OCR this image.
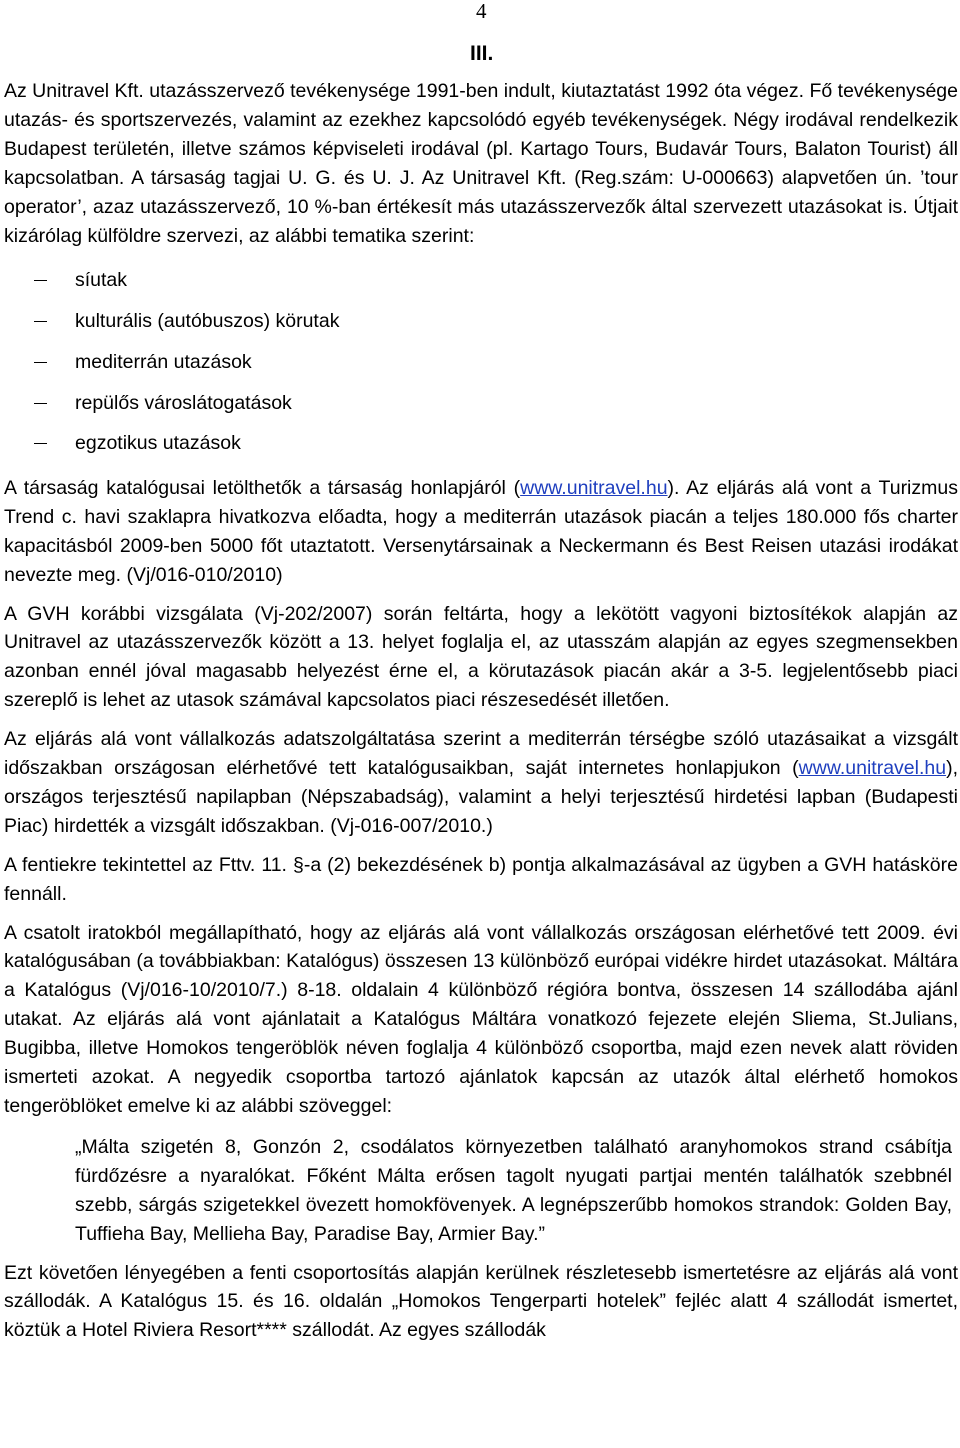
4
III.

Az Unitravel Kft. utazásszervező tevékenysége 1991-ben indult, kiutaztatást 1992 óta végez. Fő tevékenysége utazás- és sportszervezés, valamint az ezekhez kapcsolódó egyéb tevékenységek. Négy irodával rendelkezik Budapest területén, illetve számos képviseleti irodával (pl. Kartago Tours, Budavár Tours, Balaton Tourist) áll kapcsolatban. A társaság tagjai U. G. és U. J. Az Unitravel Kft. (Reg.szám: U-000663) alapvetően ún. ’tour operator’, azaz utazásszervező, 10 %-ban értékesít más utazásszervezők által szervezett utazásokat is. Útjait kizárólag külföldre szervezi, az alábbi tematika szerint:

síutak
kulturális (autóbuszos) körutak
mediterrán utazások
repülős városlátogatások
egzotikus utazások

A társaság katalógusai letölthetők a társaság honlapjáról (www.unitravel.hu). Az eljárás alá vont a Turizmus Trend c. havi szaklapra hivatkozva előadta, hogy a mediterrán utazások piacán a teljes 180.000 fős charter kapacitásból 2009-ben 5000 főt utaztatott. Versenytársainak a Neckermann és Best Reisen utazási irodákat nevezte meg. (Vj/016-010/2010)

A GVH korábbi vizsgálata (Vj-202/2007) során feltárta, hogy a lekötött vagyoni biztosítékok alapján az Unitravel az utazásszervezők között a 13. helyet foglalja el, az utasszám alapján az egyes szegmensekben azonban ennél jóval magasabb helyezést érne el, a körutazások piacán akár a 3-5. legjelentősebb piaci szereplő is lehet az utasok számával kapcsolatos piaci részesedését illetően.

Az eljárás alá vont vállalkozás adatszolgáltatása szerint a mediterrán térségbe szóló utazásaikat a vizsgált időszakban országosan elérhetővé tett katalógusaikban, saját internetes honlapjukon (www.unitravel.hu), országos terjesztésű napilapban (Népszabadság), valamint a helyi terjesztésű hirdetési lapban (Budapesti Piac) hirdették a vizsgált időszakban. (Vj-016-007/2010.)

A fentiekre tekintettel az Fttv. 11. §-a (2) bekezdésének b) pontja alkalmazásával az ügyben a GVH hatásköre fennáll.

A csatolt iratokból megállapítható, hogy az eljárás alá vont vállalkozás országosan elérhetővé tett 2009. évi katalógusában (a továbbiakban: Katalógus) összesen 13 különböző európai vidékre hirdet utazásokat. Máltára a Katalógus (Vj/016-10/2010/7.) 8-18. oldalain 4 különböző régióra bontva, összesen 14 szállodába ajánl utakat. Az eljárás alá vont ajánlatait a Katalógus Máltára vonatkozó fejezete elején Sliema, St.Julians, Bugibba, illetve Homokos tengeröblök néven foglalja 4 különböző csoportba, majd ezen nevek alatt röviden ismerteti azokat. A negyedik csoportba tartozó ajánlatok kapcsán az utazók által elérhető homokos tengeröblöket emelve ki az alábbi szöveggel:

„Málta szigetén 8, Gonzón 2, csodálatos környezetben található aranyhomokos strand csábítja fürdőzésre a nyaralókat. Főként Málta erősen tagolt nyugati partjai mentén találhatók szebbnél szebb, sárgás szigetekkel övezett homokfövenyek. A legnépszerűbb homokos strandok: Golden Bay, Tuffieha Bay, Mellieha Bay, Paradise Bay, Armier Bay.”

Ezt követően lényegében a fenti csoportosítás alapján kerülnek részletesebb ismertetésre az eljárás alá vont szállodák. A Katalógus 15. és 16. oldalán „Homokos Tengerparti hotelek” fejléc alatt 4 szállodát ismertet, köztük a Hotel Riviera Resort**** szállodát. Az egyes szállodák
